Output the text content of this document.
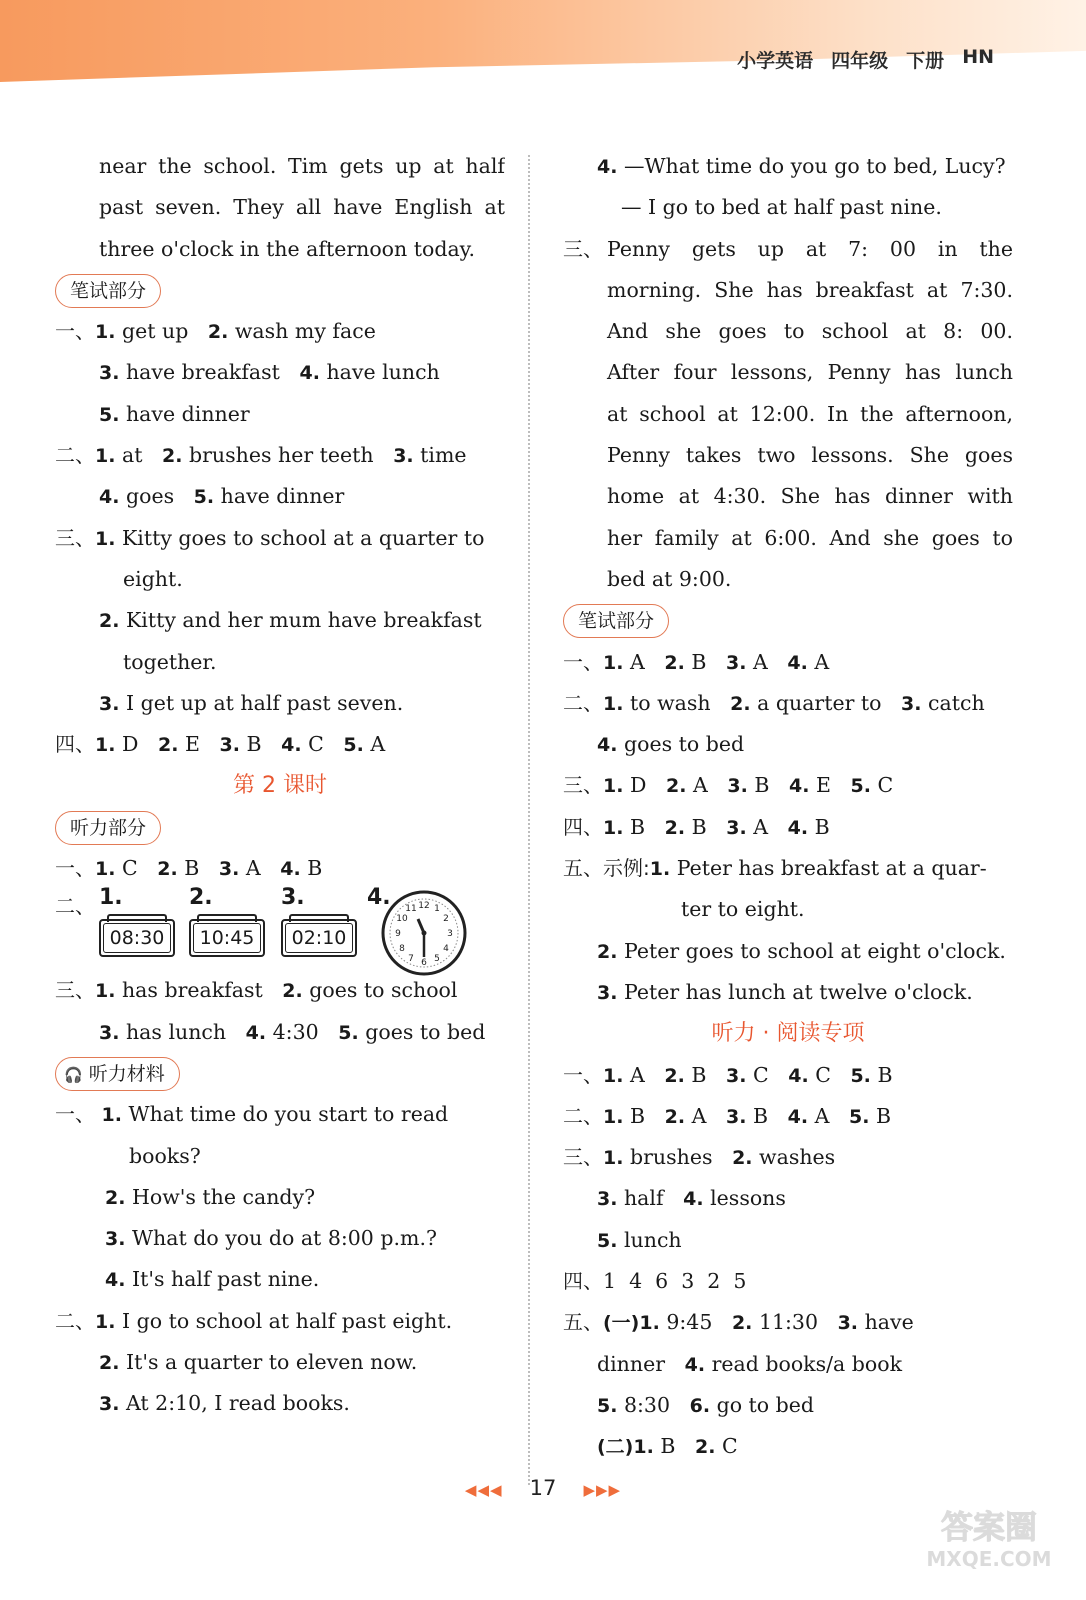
小学英语 四年级 下册 HN
near the school. Tim gets up at half
past seven. They all have English at
three o'clock in the afternoon today.
笔试部分
一、1. get up 2. wash my face
3. have breakfast 4. have lunch
5. have dinner
二、1. at 2. brushes her teeth 3. time
4. goes 5. have dinner
三、1. Kitty goes to school at a quarter to
eight.
2. Kitty and her mum have breakfast
together.
3. I get up at half past seven.
四、1. D 2. E 3. B 4. C 5. A
第 2 课时
听力部分
一、1. C 2. B 3. A 4. B
二、 1.
08:30
2.
10:45
3.
02:10
4.	12 1
2
3
4
5
6
7
8
9
10
11
三、1. has breakfast 2. goes to school
3. has lunch 4. 4:30 5. goes to bed
🎧 听力材料
一、 1. What time do you start to read
books?
2. How's the candy?
3. What do you do at 8:00 p.m.?
4. It's half past nine.
二、1. I go to school at half past eight.
2. It's a quarter to eleven now.
3. At 2:10, I read books.
4. —What time do you go to bed, Lucy?
— I go to bed at half past nine.
三、 Penny gets up at 7: 00 in the
morning. She has breakfast at 7:30.
And she goes to school at 8: 00.
After four lessons, Penny has lunch
at school at 12:00. In the afternoon,
Penny takes two lessons. She goes
home at 4:30. She has dinner with
her family at 6:00. And she goes to
bed at 9:00.
笔试部分
一、1. A 2. B 3. A 4. A
二、1. to wash 2. a quarter to 3. catch
4. goes to bed
三、1. D 2. A 3. B 4. E 5. C
四、1. B 2. B 3. A 4. B
五、示例:1. Peter has breakfast at a quar-
ter to eight.
2. Peter goes to school at eight o'clock.
3. Peter has lunch at twelve o'clock.
听力 · 阅读专项
一、1. A 2. B 3. C 4. C 5. B
二、1. B 2. A 3. B 4. A 5. B
三、1. brushes 2. washes
3. half 4. lessons
5. lunch
四、1  4  6  3  2  5
五、(一)1. 9:45 2. 11:30 3. have
dinner 4. read books/a book
5. 8:30 6. go to bed
(二)1. B 2. C
◀◀◀ 17 ▶▶▶
答案圈
MXQE.COM
